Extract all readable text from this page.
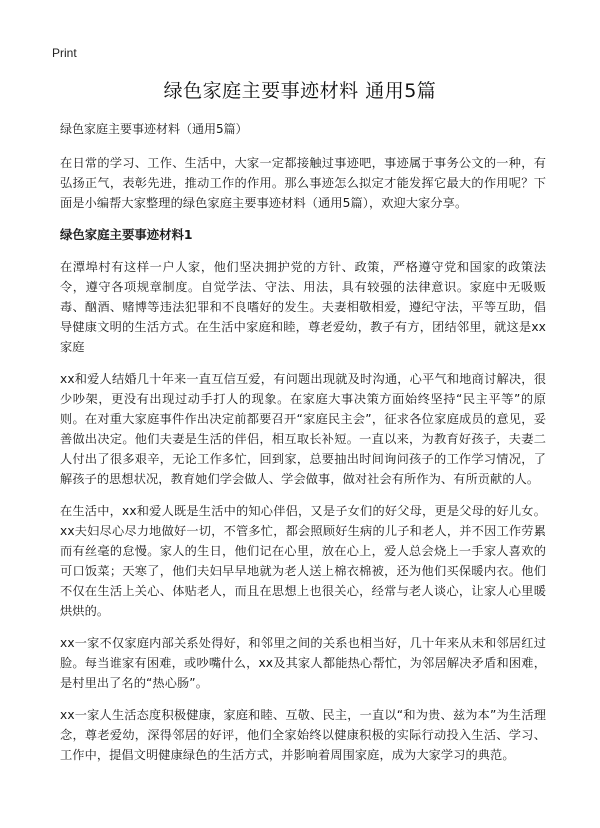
Print
绿色家庭主要事迹材料 通用5篇
绿色家庭主要事迹材料（通用5篇）

在日常的学习、工作、生活中，大家一定都接触过事迹吧，事迹属于事务公文的一种，有弘扬正气，表彰先进，推动工作的作用。那么事迹怎么拟定才能发挥它最大的作用呢？下面是小编帮大家整理的绿色家庭主要事迹材料（通用5篇），欢迎大家分享。

绿色家庭主要事迹材料1

在潭埠村有这样一户人家，他们坚决拥护党的方针、政策，严格遵守党和国家的政策法令，遵守各项规章制度。自觉学法、守法、用法，具有较强的法律意识。家庭中无吸贩毒、酗酒、赌博等违法犯罪和不良嗜好的发生。夫妻相敬相爱，遵纪守法，平等互助，倡导健康文明的生活方式。在生活中家庭和睦，尊老爱幼，教子有方，团结邻里，就这是xx家庭

xx和爱人结婚几十年来一直互信互爱，有问题出现就及时沟通，心平气和地商讨解决，很少吵架，更没有出现过动手打人的现象。在家庭大事决策方面始终坚持“民主平等”的原则。在对重大家庭事件作出决定前都要召开“家庭民主会”，征求各位家庭成员的意见，妥善做出决定。他们夫妻是生活的伴侣，相互取长补短。一直以来，为教育好孩子，夫妻二人付出了很多艰辛，无论工作多忙，回到家，总要抽出时间询问孩子的工作学习情况，了解孩子的思想状况，教育她们学会做人、学会做事，做对社会有所作为、有所贡献的人。

在生活中，xx和爱人既是生活中的知心伴侣，又是子女们的好父母，更是父母的好儿女。xx夫妇尽心尽力地做好一切，不管多忙，都会照顾好生病的儿子和老人，并不因工作劳累而有丝毫的怠慢。家人的生日，他们记在心里，放在心上，爱人总会烧上一手家人喜欢的可口饭菜；天寒了，他们夫妇早早地就为老人送上棉衣棉被，还为他们买保暖内衣。他们不仅在生活上关心、体贴老人，而且在思想上也很关心，经常与老人谈心，让家人心里暖烘烘的。

xx一家不仅家庭内部关系处得好，和邻里之间的关系也相当好，几十年来从未和邻居红过脸。每当谁家有困难，或吵嘴什么，xx及其家人都能热心帮忙，为邻居解决矛盾和困难，是村里出了名的“热心肠”。

xx一家人生活态度积极健康，家庭和睦、互敬、民主，一直以“和为贵、兹为本”为生活理念，尊老爱幼，深得邻居的好评，他们全家始终以健康积极的实际行动投入生活、学习、工作中，提倡文明健康绿色的生活方式，并影响着周围家庭，成为大家学习的典范。
